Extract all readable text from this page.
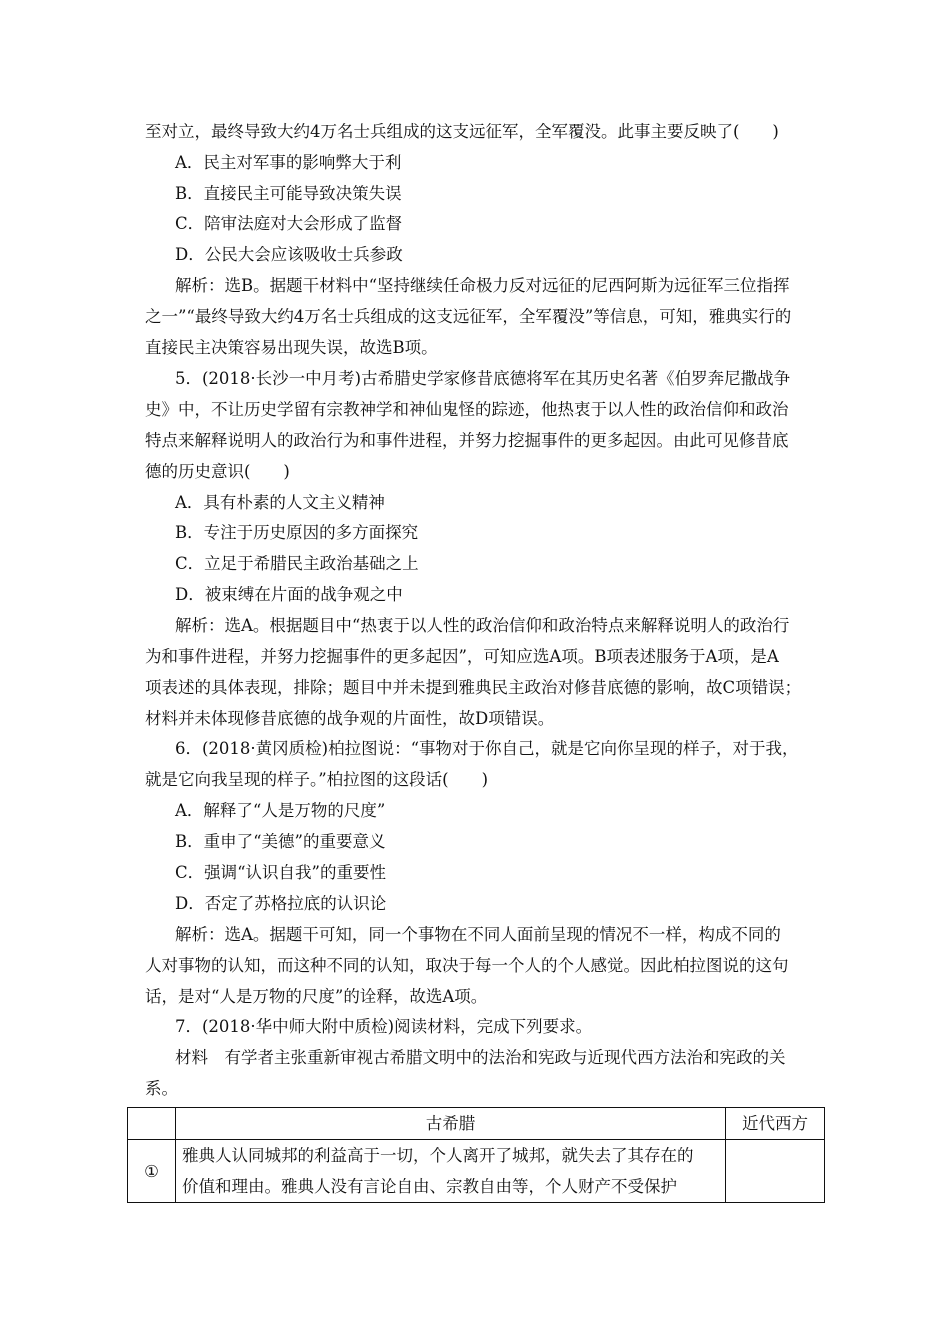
至对立，最终导致大约4万名士兵组成的这支远征军，全军覆没。此事主要反映了(　　)
A．民主对军事的影响弊大于利
B．直接民主可能导致决策失误
C．陪审法庭对大会形成了监督
D．公民大会应该吸收士兵参政
解析：选B。据题干材料中“坚持继续任命极力反对远征的尼西阿斯为远征军三位指挥
之一”“最终导致大约4万名士兵组成的这支远征军，全军覆没”等信息，可知，雅典实行的
直接民主决策容易出现失误，故选B项。
5．(2018·长沙一中月考)古希腊史学家修昔底德将军在其历史名著《伯罗奔尼撒战争
史》中，不让历史学留有宗教神学和神仙鬼怪的踪迹，他热衷于以人性的政治信仰和政治
特点来解释说明人的政治行为和事件进程，并努力挖掘事件的更多起因。由此可见修昔底
德的历史意识(　　)
A．具有朴素的人文主义精神
B．专注于历史原因的多方面探究
C．立足于希腊民主政治基础之上
D．被束缚在片面的战争观之中
解析：选A。根据题目中“热衷于以人性的政治信仰和政治特点来解释说明人的政治行
为和事件进程，并努力挖掘事件的更多起因”，可知应选A项。B项表述服务于A项，是A
项表述的具体表现，排除；题目中并未提到雅典民主政治对修昔底德的影响，故C项错误；
材料并未体现修昔底德的战争观的片面性，故D项错误。
6．(2018·黄冈质检)柏拉图说：“事物对于你自己，就是它向你呈现的样子，对于我，
就是它向我呈现的样子。”柏拉图的这段话(　　)
A．解释了“人是万物的尺度”
B．重申了“美德”的重要意义
C．强调“认识自我”的重要性
D．否定了苏格拉底的认识论
解析：选A。据题干可知，同一个事物在不同人面前呈现的情况不一样，构成不同的
人对事物的认知，而这种不同的认知，取决于每一个人的个人感觉。因此柏拉图说的这句
话，是对“人是万物的尺度”的诠释，故选A项。
7．(2018·华中师大附中质检)阅读材料，完成下列要求。
材料　有学者主张重新审视古希腊文明中的法治和宪政与近现代西方法治和宪政的关
系。
	古希腊	近代西方
①	雅典人认同城邦的利益高于一切，个人离开了城邦，就失去了其存在的
价值和理由。雅典人没有言论自由、宗教自由等，个人财产不受保护	
